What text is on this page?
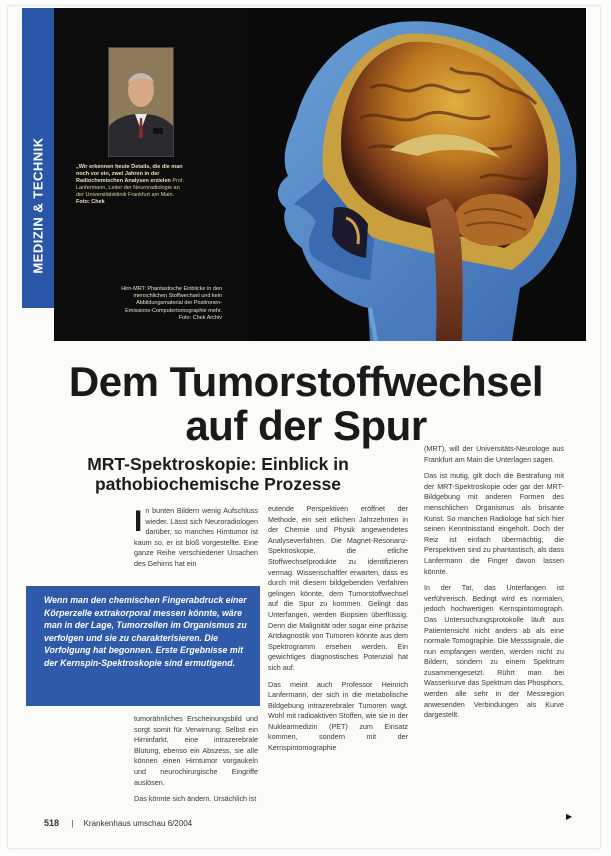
MEDIZIN & TECHNIK	„Wir erkennen heute Details, die die man noch vor ein, zwei Jahren in der Radiochemischen Analysen erzielen Prof. Lanfermann, Leiter der Neuroradiologie an der Universitätsklinik Frankfurt am Main. Foto: Chek
Hirn-MRT: Phantastische Einblicke in den menschlichen Stoffwechsel und kein Abbildungsmaterial der Positronen-Emissions-Computertomographie mehr. Foto: Chek Archiv
Dem Tumorstoffwechsel
auf der Spur
MRT-Spektroskopie: Einblick in
pathobiochemische Prozesse
I n bunten Bildern wenig Aufschluss wieder. Lässt sich Neuroradiologen darüber, so manches Hirntumor ist kaum so, er ist bloß vorgestellte. Eine ganze Reihe verschiedener Ursachen des Gehirns hat ein
Wenn man den chemischen Fingerabdruck einer Körperzelle extrakorporal messen könnte, wäre man in der Lage, Tumorzellen im Organismus zu verfolgen und sie zu charakterisieren. Die Vorfolgung hat begonnen. Erste Ergebnisse mit der Kernspin-Spektroskopie sind ermutigend.

tumorähnliches Erscheinungsbild und sorgt somit für Verwirrung: Selbst ein Hirninfarkt, eine intrazerebrale Blutung, ebenso ein Abszess, sie alle können einen Hirntumor vorgaukeln und neurochirurgische Eingriffe auslösen.

Das könnte sich ändern. Ursächlich ist

eutende Perspektiven eröffnet der Methode, ein seit etlichen Jahrzehnten in der Chemie und Physik angewendetes Analyseverfahren. Die Magnet-Resonanz-Spektroskopie, die etliche Stoffwechselprodukte zu identifizieren vermag. Wissenschaftler erwarten, dass es durch mit diesem bildgebenden Verfahren gelingen könnte, dem Tumorstoffwechsel auf die Spur zu kommen. Gelingt das Unterfangen, werden Biopsien überflüssig. Denn die Malignität oder sogar eine präzise Artdiagnostik von Tumoren könnte aus dem Spektrogramm ersehen werden. Ein gewichtiges diagnostisches Potenzial hat sich auf.

Das meint auch Professor Heinrich Lanfermann, der sich in die metabolische Bildgebung intrazerebraler Tumoren wagt. Wohl mit radioaktiven Stoffen, wie sie in der Nuklearmedizin (PET) zum Einsatz kommen, sondern mit der Kernspintomographie

(MRT), will der Universitäts-Neurologe aus Frankfurt am Main die Unterlagen sagen.

Das ist mutig, gilt doch die Bestrafung mit der MRT-Spektroskopie oder gar der MRT-Bildgebung mit anderen Formen des menschlichen Organismus als brisante Kunst. So manchen Radiologe hat sich hier seinen Kenntnisstand eingeholt. Doch der Reiz ist einfach übermächtig, die Perspektiven sind zu phantastisch, als dass Lanfermann die Finger davon lassen könnte.

In der Tat, das Unterfangen ist verführerisch. Bedingt wird es normalen, jedoch hochwertigen Kernspintomograph. Das Untersuchungsprotokolle läuft aus Patientensicht nicht anders ab als eine normale Tomographie. Die Messsignale, die nun empfangen werden, werden nicht zu Bildern, sondern zu einem Spektrum zusammengesetzt. Rührt man bei Wasserkurve das Spektrum das Phosphors, werden alle sehr in der Messregion anwesenden Verbindungen als Kurve dargestellt.

▶
518 | Krankenhaus umschau 6/2004
